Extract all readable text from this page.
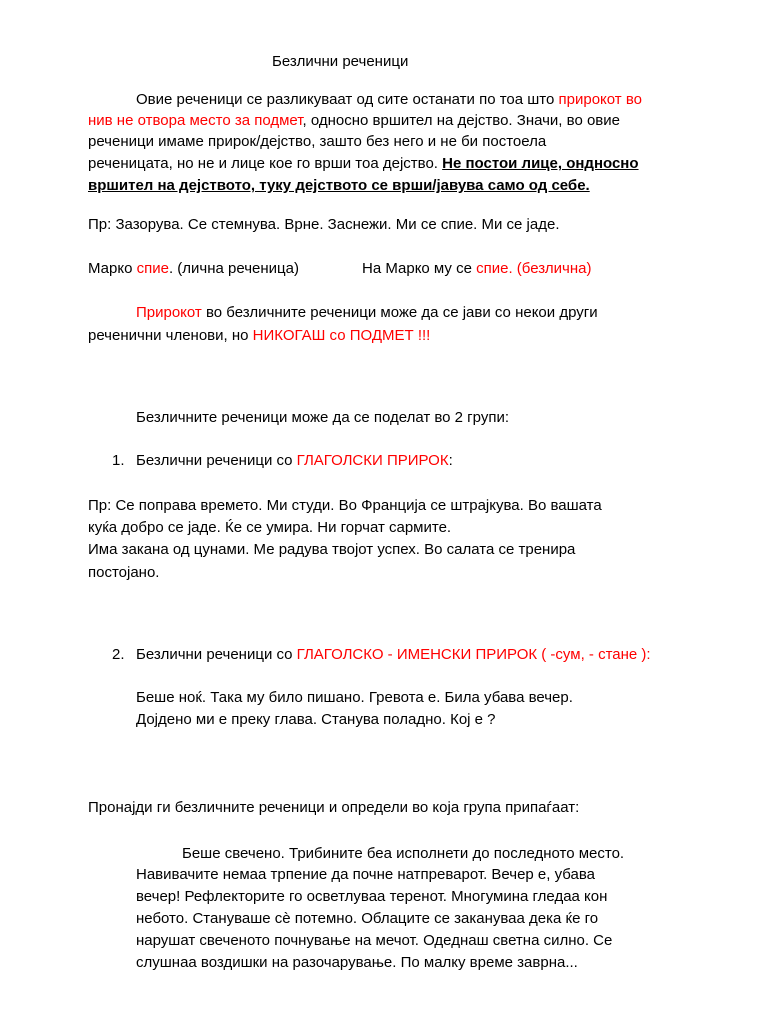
Безлични реченици
Овие реченици се разликуваат од сите останати по тоа што прирокот во
нив не отвора место за подмет, односно вршител на дејство. Значи, во овие
реченици имаме прирок/дејство, зашто без него и не би постоела
реченицата, но не и лице кое го врши тоа дејство. Не постои лице, ондносно
вршител на дејството, туку дејството се врши/јавува само од себе.
Пр: Зазорува. Се стемнува. Врне. Заснежи. Ми се спие. Ми се јаде.
Марко спие. (лична реченица)	На Марко му се спие. (безлична)
Прирокот во безличните реченици може да се јави со некои други
реченични членови, но НИКОГАШ со ПОДМЕТ !!!
Безличните реченици може да се поделат во 2 групи:
1. Безлични реченици со ГЛАГОЛСКИ ПРИРОК:
Пр: Се поправа времето. Ми студи. Во Франција се штрајкува. Во вашата
куќа добро се јаде. Ќе се умира. Ни горчат сармите.
Има закана од цунами. Ме радува твојот успех. Во салата се тренира
постојано.
2. Безлични реченици со ГЛАГОЛСКО - ИМЕНСКИ ПРИРОК ( -сум, - стане ):
Беше ноќ. Така му било пишано. Гревота е. Била убава вечер.
Дојдено ми е преку глава. Станува поладно. Кој е ?
Пронајди ги безличните реченици и определи во која група припаѓаат:
Беше свечено. Трибините беа исполнети до последното место.
Навивачите немаа трпение да почне натпреварот. Вечер е, убава
вечер! Рефлекторите го осветлуваа теренот. Многумина гледаа кон
небото. Стануваше сѐ потемно. Облаците се закануваа дека ќе го
нарушат свеченото почнување на мечот. Одеднаш светна силно. Се
слушнаа воздишки на разочарување. По малку време заврна...
